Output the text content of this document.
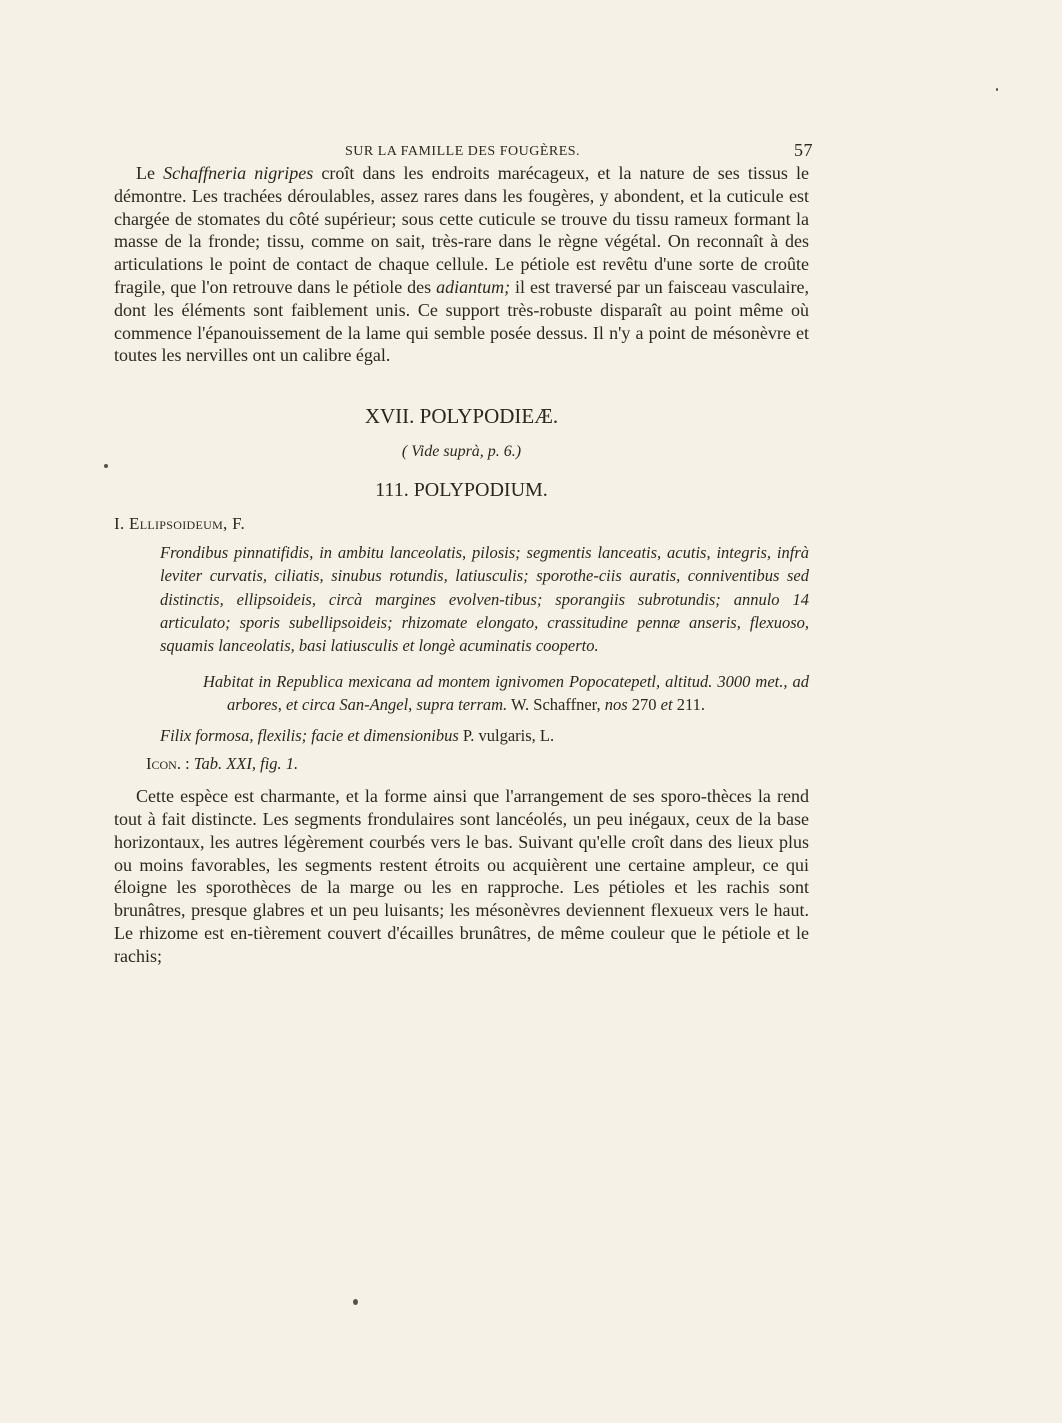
SUR LA FAMILLE DES FOUGÈRES.	57

Le Schaffneria nigripes croît dans les endroits marécageux, et la nature de ses tissus le démontre. Les trachées déroulables, assez rares dans les fougères, y abondent, et la cuticule est chargée de stomates du côté supérieur; sous cette cuticule se trouve du tissu rameux formant la masse de la fronde; tissu, comme on sait, très-rare dans le règne végétal. On reconnaît à des articulations le point de contact de chaque cellule. Le pétiole est revêtu d'une sorte de croûte fragile, que l'on retrouve dans le pétiole des adiantum; il est traversé par un faisceau vasculaire, dont les éléments sont faiblement unis. Ce support très-robuste disparaît au point même où commence l'épanouissement de la lame qui semble posée dessus. Il n'y a point de mésonèvre et toutes les nervilles ont un calibre égal.

XVII. POLYPODIEÆ.

( Vide suprà, p. 6.)

111. POLYPODIUM.

I. Ellipsoideum, F.

Frondibus pinnatifidis, in ambitu lanceolatis, pilosis; segmentis lanceatis, acutis, integris, infrà leviter curvatis, ciliatis, sinubus rotundis, latiusculis; sporothe-ciis auratis, conniventibus sed distinctis, ellipsoideis, circà margines evolven-tibus; sporangiis subrotundis; annulo 14 articulato; sporis subellipsoideis; rhizomate elongato, crassitudine pennæ anseris, flexuoso, squamis lanceolatis, basi latiusculis et longè acuminatis cooperto.

Habitat in Republica mexicana ad montem ignivomen Popocatepetl, altitud. 3000 met., ad arbores, et circa San-Angel, supra terram. W. Schaffner, nos 270 et 211.

Filix formosa, flexilis; facie et dimensionibus P. vulgaris, L.

Icon. : Tab. XXI, fig. 1.

Cette espèce est charmante, et la forme ainsi que l'arrangement de ses sporo-thèces la rend tout à fait distincte. Les segments frondulaires sont lancéolés, un peu inégaux, ceux de la base horizontaux, les autres légèrement courbés vers le bas. Suivant qu'elle croît dans des lieux plus ou moins favorables, les segments restent étroits ou acquièrent une certaine ampleur, ce qui éloigne les sporothèces de la marge ou les en rapproche. Les pétioles et les rachis sont brunâtres, presque glabres et un peu luisants; les mésonèvres deviennent flexueux vers le haut. Le rhizome est en-tièrement couvert d'écailles brunâtres, de même couleur que le pétiole et le rachis;
